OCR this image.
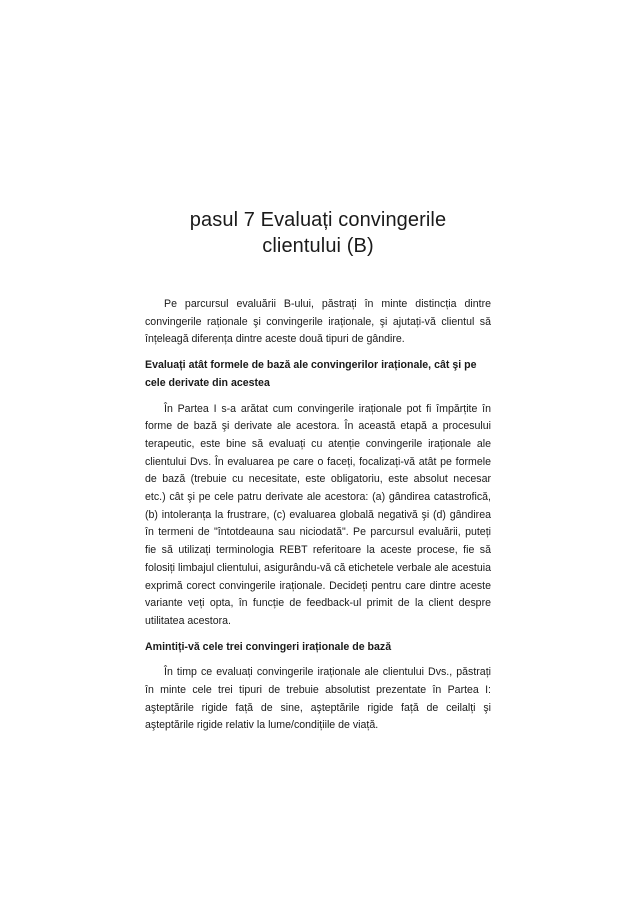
pasul 7 Evaluați convingerile
clientului (B)

Pe parcursul evaluării B-ului, păstrați în minte distincția dintre convingerile raționale şi convingerile iraționale, şi ajutați-vă clientul să înțeleagă diferența dintre aceste două tipuri de gândire.

Evaluați atât formele de bază ale convingerilor iraționale, cât şi pe cele derivate din acestea

În Partea I s-a arătat cum convingerile iraționale pot fi împărțite în forme de bază şi derivate ale acestora. În această etapă a procesului terapeutic, este bine să evaluați cu atenție convingerile iraționale ale clientului Dvs. În evaluarea pe care o faceți, focalizați-vă atât pe formele de bază (trebuie cu necesitate, este obligatoriu, este absolut necesar etc.) cât şi pe cele patru derivate ale acestora: (a) gândirea catastrofică, (b) intoleranța la frustrare, (c) evaluarea globală negativă şi (d) gândirea în termeni de "întotdeauna sau niciodată". Pe parcursul evaluării, puteți fie să utilizați terminologia REBT referitoare la aceste procese, fie să folosiți limbajul clientului, asigurându-vă că etichetele verbale ale acestuia exprimă corect convingerile iraționale. Decideți pentru care dintre aceste variante veți opta, în funcție de feedback-ul primit de la client despre utilitatea acestora.

Amintiți-vă cele trei convingeri iraționale de bază

În timp ce evaluați convingerile iraționale ale clientului Dvs., păstrați în minte cele trei tipuri de trebuie absolutist prezentate în Partea I: aşteptările rigide față de sine, aşteptările rigide față de ceilalți şi aşteptările rigide relativ la lume/condițiile de viață.
